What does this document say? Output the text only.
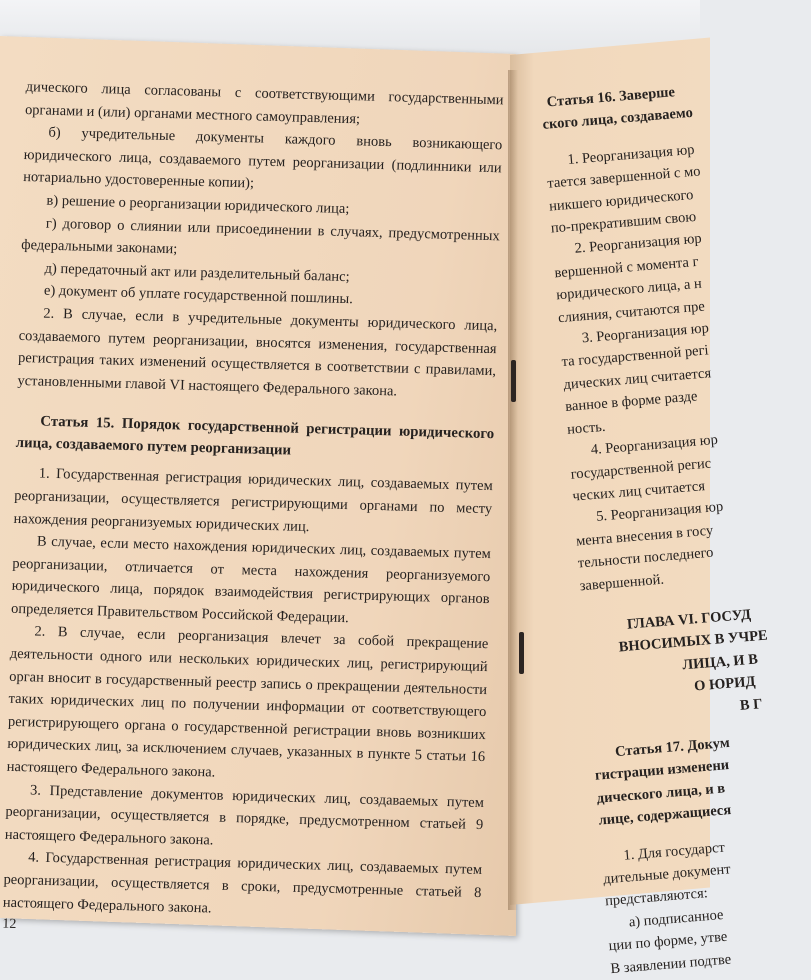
дического лица согласованы с соответствующими государственными органами и (или) органами местного самоуправления;

б) учредительные документы каждого вновь возникающего юридического лица, создаваемого путем реорганизации (подлинники или нотариально удостоверенные копии);

в) решение о реорганизации юридического лица;

г) договор о слиянии или присоединении в случаях, предусмотренных федеральными законами;

д) передаточный акт или разделительный баланс;

е) документ об уплате государственной пошлины.

2. В случае, если в учредительные документы юридического лица, создаваемого путем реорганизации, вносятся изменения, государственная регистрация таких изменений осуществляется в соответствии с правилами, установленными главой VI настоящего Федерального закона.

Статья 15. Порядок государственной регистрации юридического лица, создаваемого путем реорганизации

1. Государственная регистрация юридических лиц, создаваемых путем реорганизации, осуществляется регистрирующими органами по месту нахождения реорганизуемых юридических лиц.

В случае, если место нахождения юридических лиц, создаваемых путем реорганизации, отличается от места нахождения реорганизуемого юридического лица, порядок взаимодействия регистрирующих органов определяется Правительством Российской Федерации.

2. В случае, если реорганизация влечет за собой прекращение деятельности одного или нескольких юридических лиц, регистрирующий орган вносит в государственный реестр запись о прекращении деятельности таких юридических лиц по получении информации от соответствующего регистрирующего органа о государственной регистрации вновь возникших юридических лиц, за исключением случаев, указанных в пункте 5 статьи 16 настоящего Федерального закона.

3. Представление документов юридических лиц, создаваемых путем реорганизации, осуществляется в порядке, предусмотренном статьей 9 настоящего Федерального закона.

4. Государственная регистрация юридических лиц, создаваемых путем реорганизации, осуществляется в сроки, предусмотренные статьей 8 настоящего Федерального закона.

12

Статья 16. Заверше

ского лица, создаваемо

1. Реорганизация юр

тается завершенной с мо

никшего юридического

по-прекратившим свою

2. Реорганизация юр

вершенной с момента г

юридического лица, а н

слияния, считаются пре

3. Реорганизация юр

та государственной регі

дических лиц считается

ванное в форме разде

ность.

4. Реорганизация юр

государственной регис

ческих лиц считается

5. Реорганизация юр

мента внесения в госу

тельности последнего

завершенной.

ГЛАВА VI. ГОСУД

ВНОСИМЫХ В УЧРЕ

ЛИЦА, И В

О ЮРИД

В Г

Статья 17. Докум

гистрации изменени

дического лица, и в

лице, содержащиеся

1. Для государст

дительные документ

представляются:

а) подписанное

ции по форме, утве

В заявлении подтве
